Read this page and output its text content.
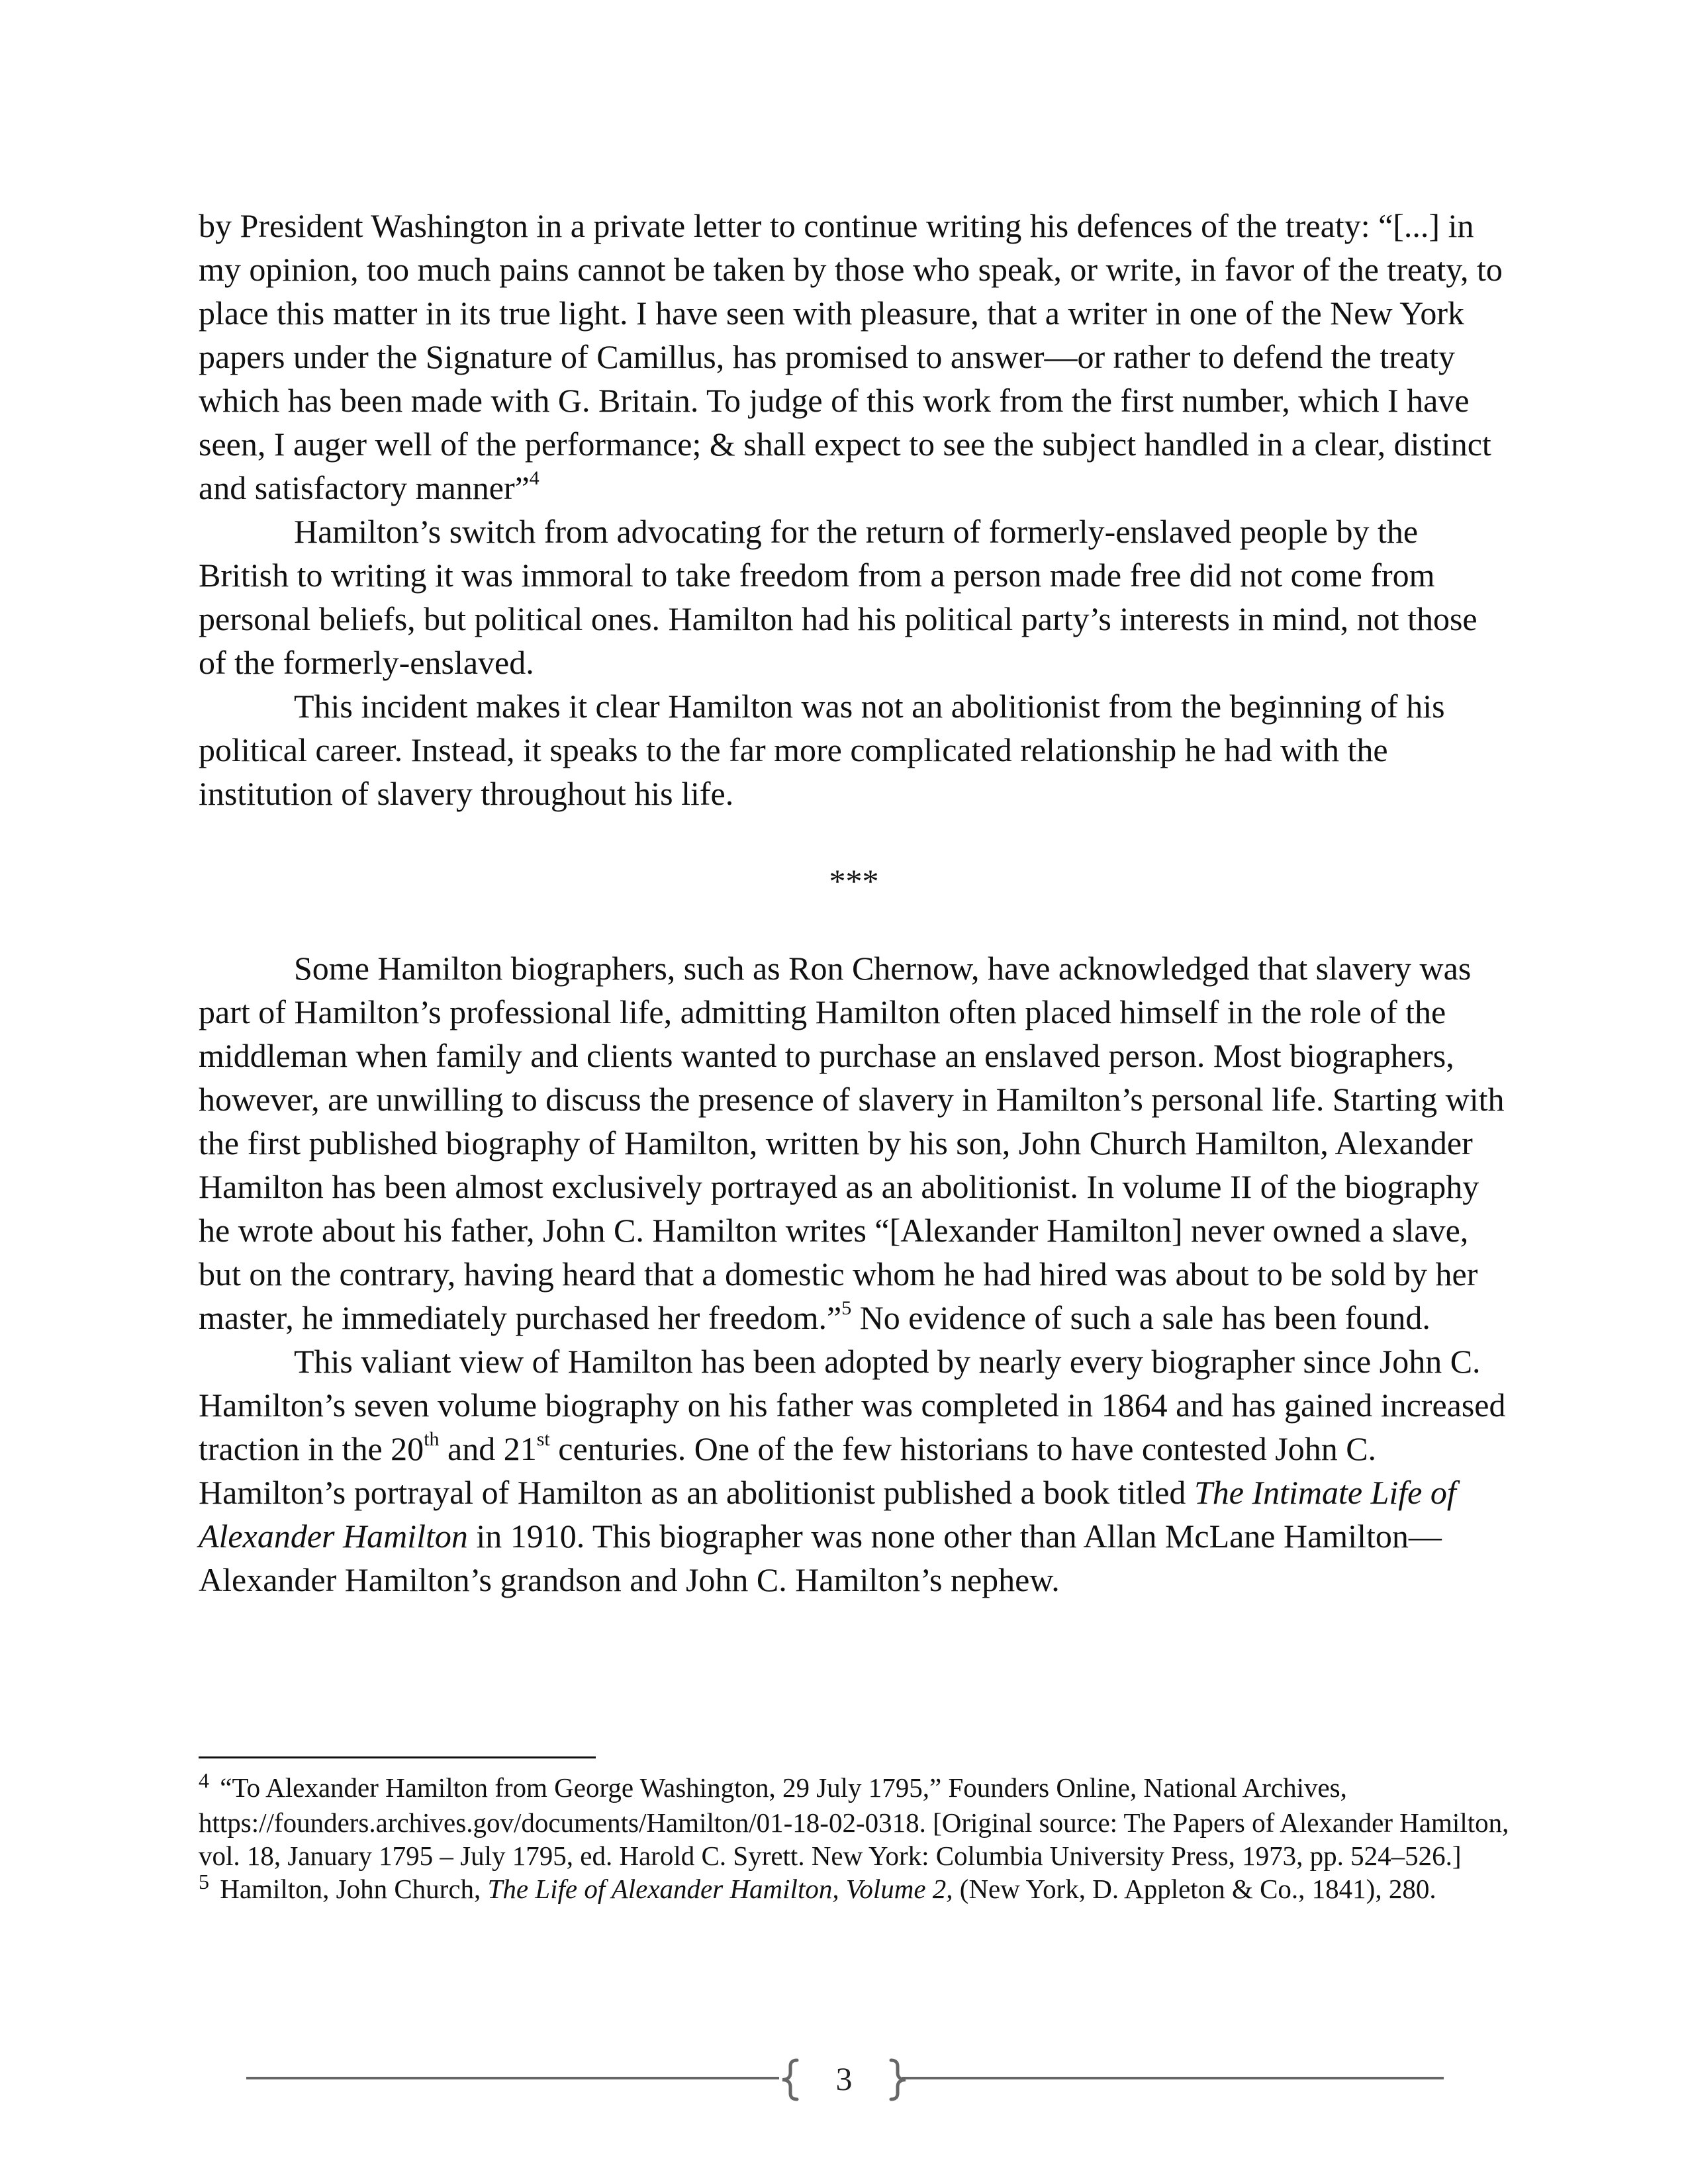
by President Washington in a private letter to continue writing his defences of the treaty: “[...] in my opinion, too much pains cannot be taken by those who speak, or write, in favor of the treaty, to place this matter in its true light. I have seen with pleasure, that a writer in one of the New York papers under the Signature of Camillus, has promised to answer—or rather to defend the treaty which has been made with G. Britain. To judge of this work from the first number, which I have seen, I auger well of the performance; & shall expect to see the subject handled in a clear, distinct and satisfactory manner”$^4$

Hamilton’s switch from advocating for the return of formerly-enslaved people by the British to writing it was immoral to take freedom from a person made free did not come from personal beliefs, but political ones. Hamilton had his political party’s interests in mind, not those of the formerly-enslaved.

This incident makes it clear Hamilton was not an abolitionist from the beginning of his political career. Instead, it speaks to the far more complicated relationship he had with the institution of slavery throughout his life.

***

Some Hamilton biographers, such as Ron Chernow, have acknowledged that slavery was part of Hamilton’s professional life, admitting Hamilton often placed himself in the role of the middleman when family and clients wanted to purchase an enslaved person. Most biographers, however, are unwilling to discuss the presence of slavery in Hamilton’s personal life. Starting with the first published biography of Hamilton, written by his son, John Church Hamilton, Alexander Hamilton has been almost exclusively portrayed as an abolitionist. In volume II of the biography he wrote about his father, John C. Hamilton writes “[Alexander Hamilton] never owned a slave, but on the contrary, having heard that a domestic whom he had hired was about to be sold by her master, he immediately purchased her freedom.”$^5$ No evidence of such a sale has been found.

This valiant view of Hamilton has been adopted by nearly every biographer since John C. Hamilton’s seven volume biography on his father was completed in 1864 and has gained increased traction in the 20th and 21st centuries. One of the few historians to have contested John C. Hamilton’s portrayal of Hamilton as an abolitionist published a book titled The Intimate Life of Alexander Hamilton in 1910. This biographer was none other than Allan McLane Hamilton—Alexander Hamilton’s grandson and John C. Hamilton’s nephew.

$^4$ “To Alexander Hamilton from George Washington, 29 July 1795,” Founders Online, National Archives, https://founders.archives.gov/documents/Hamilton/01-18-02-0318. [Original source: The Papers of Alexander Hamilton, vol. 18, January 1795 – July 1795, ed. Harold C. Syrett. New York: Columbia University Press, 1973, pp. 524–526.]

$^5$ Hamilton, John Church, The Life of Alexander Hamilton, Volume 2, (New York, D. Appleton & Co., 1841), 280.

3
